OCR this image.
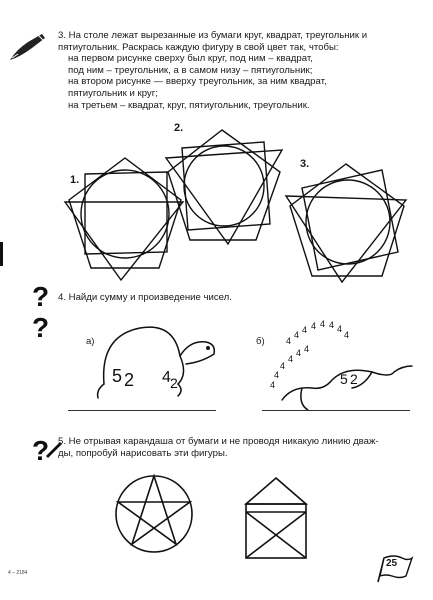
3. На столе лежат вырезанные из бумаги круг, квадрат, треугольник и
пятиугольник. Раскрась каждую фигуру в свой цвет так, чтобы:
на первом рисунке сверху был круг, под ним – квадрат,
под ним – треугольник, а в самом низу – пятиугольник;
на втором рисунке — вверху треугольник, за ним квадрат,
пятиугольник и круг;
на третьем – квадрат, круг, пятиугольник, треугольник.
1.
2.
3.
?
?
4. Найди сумму и произведение чисел.
а)	б)
5 2 4 2
4
4 4 4 4 4 4
4
4
4
4
4
4 4
5 2
? 5. Не отрывая карандаша от бумаги и не проводя никакую линию дваж-
ды, попробуй нарисовать эти фигуры.
4 – 2184
25
